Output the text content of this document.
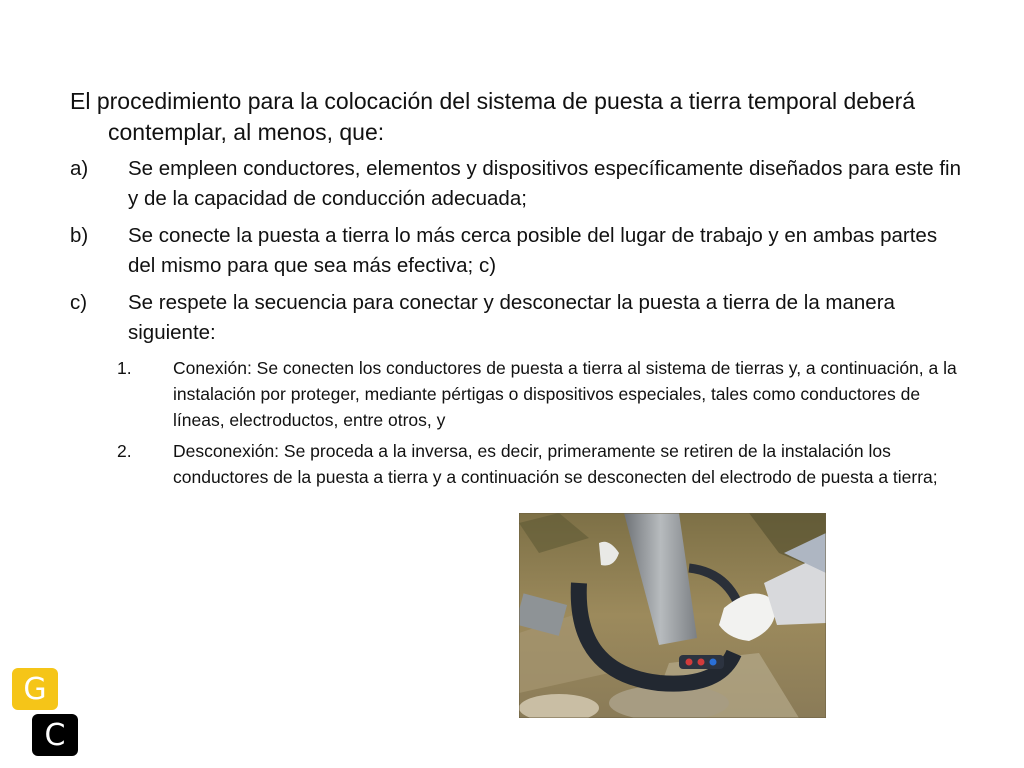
El procedimiento para la colocación del sistema de puesta a tierra temporal deberá contemplar, al menos, que:

a) Se empleen conductores, elementos y dispositivos específicamente diseñados para este fin y de la capacidad de conducción adecuada;
b) Se conecte la puesta a tierra lo más cerca posible del lugar de trabajo y en ambas partes del mismo para que sea más efectiva; c)
c) Se respete la secuencia para conectar y desconectar la puesta a tierra de la manera siguiente:
1. Conexión: Se conecten los conductores de puesta a tierra al sistema de tierras y, a continuación, a la instalación por proteger, mediante pértigas o dispositivos especiales, tales como conductores de líneas, electroductos, entre otros, y
2. Desconexión: Se proceda a la inversa, es decir, primeramente se retiren de la instalación los conductores de la puesta a tierra y a continuación se desconecten del electrodo de puesta a tierra;
G
C
